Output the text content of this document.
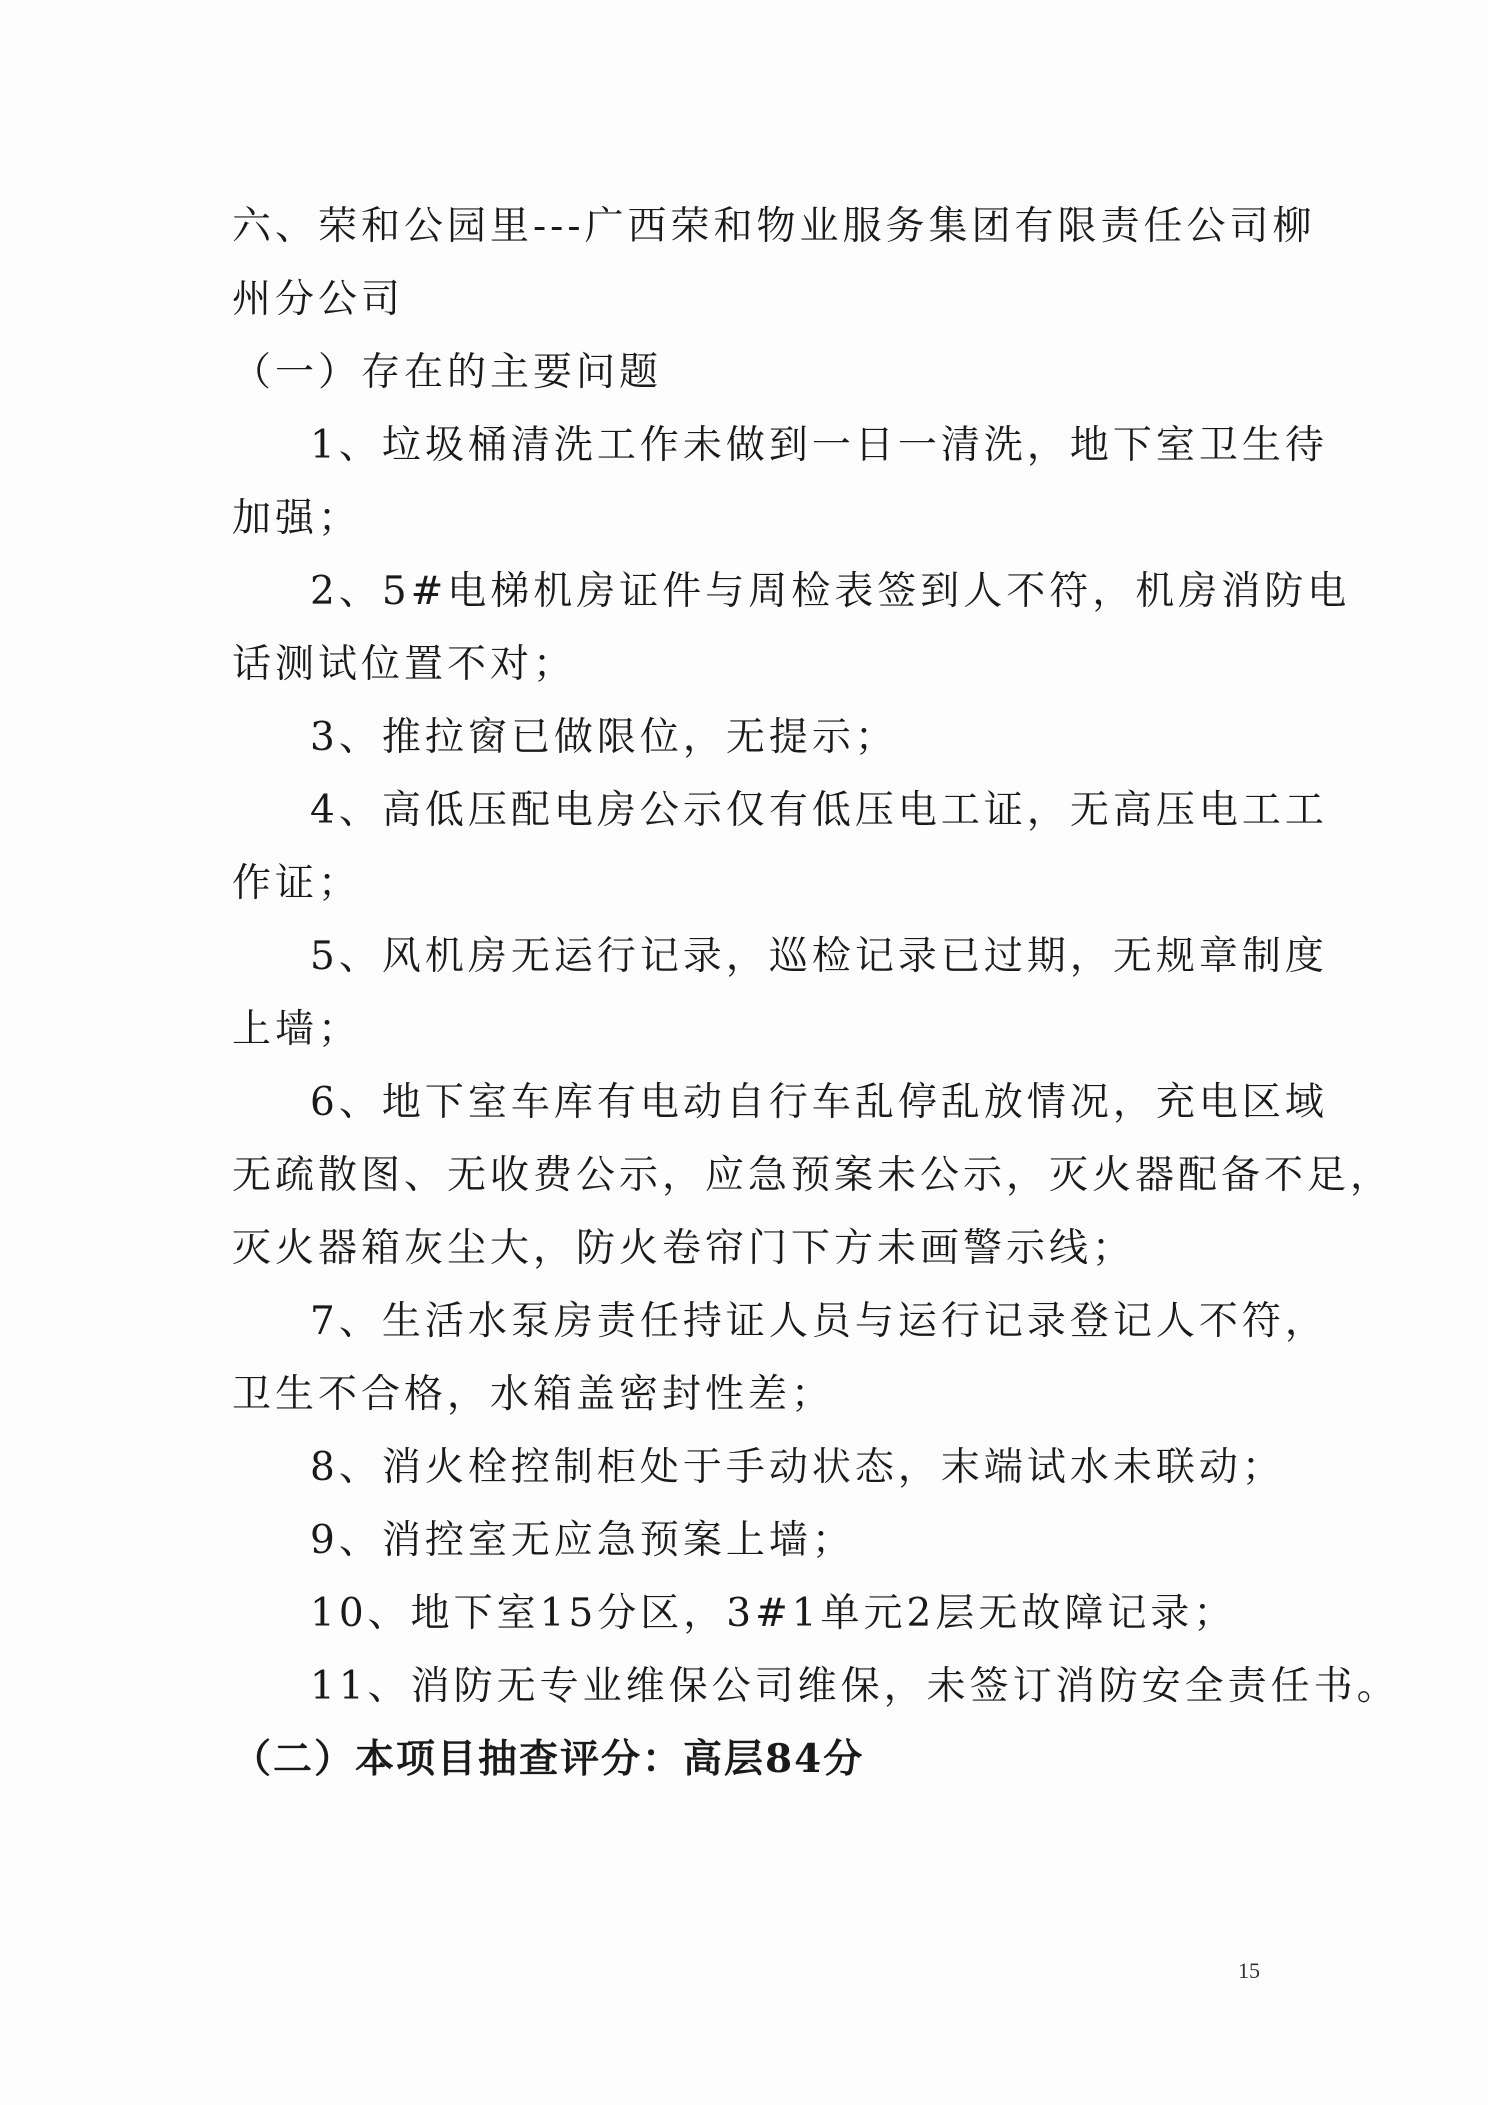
六、荣和公园里---广西荣和物业服务集团有限责任公司柳

州分公司

（一）存在的主要问题

1、垃圾桶清洗工作未做到一日一清洗，地下室卫生待

加强；

2、5#电梯机房证件与周检表签到人不符，机房消防电

话测试位置不对；

3、推拉窗已做限位，无提示；

4、高低压配电房公示仅有低压电工证，无高压电工工

作证；

5、风机房无运行记录，巡检记录已过期，无规章制度

上墙；

6、地下室车库有电动自行车乱停乱放情况，充电区域

无疏散图、无收费公示，应急预案未公示，灭火器配备不足，

灭火器箱灰尘大，防火卷帘门下方未画警示线；

7、生活水泵房责任持证人员与运行记录登记人不符，

卫生不合格，水箱盖密封性差；

8、消火栓控制柜处于手动状态，末端试水未联动；

9、消控室无应急预案上墙；

10、地下室15分区，3#1单元2层无故障记录；

11、消防无专业维保公司维保，未签订消防安全责任书。

（二）本项目抽查评分：高层84分

15
